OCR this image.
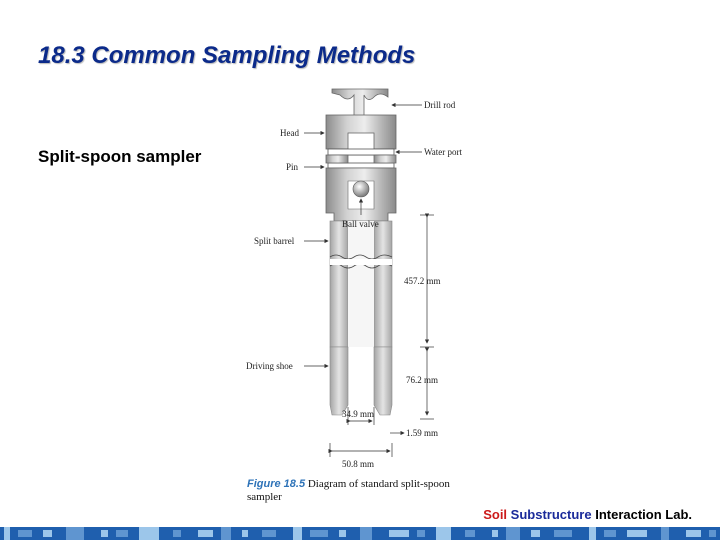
18.3 Common Sampling Methods
Split-spoon sampler
Drill rod
Head
Water port
Pin
Ball valve
Split barrel
Driving shoe
457.2 mm
76.2 mm
34.9 mm
1.59 mm
50.8 mm
Figure 18.5 Diagram of standard split-spoon sampler
Soil Substructure Interaction Lab.
